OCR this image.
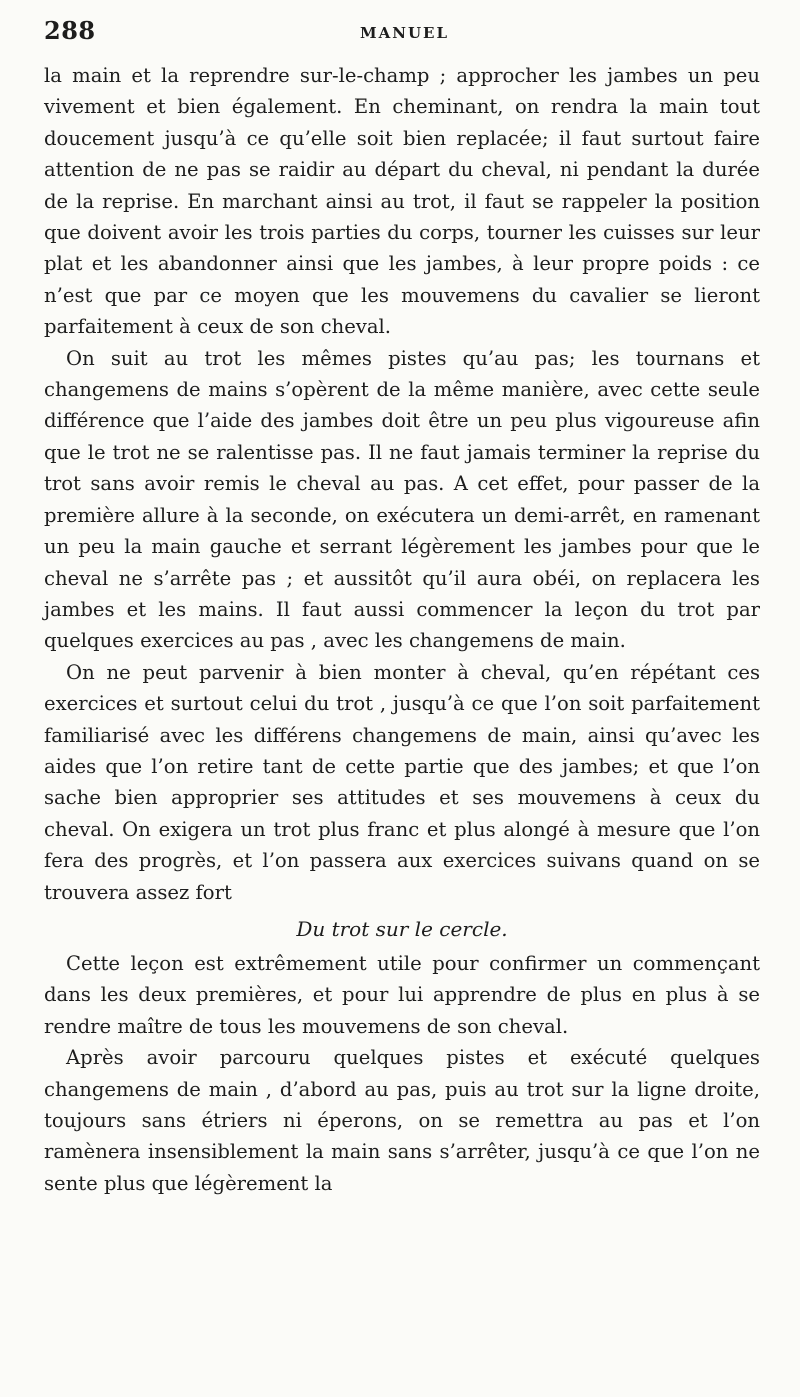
288	MANUEL

la main et la reprendre sur-le-champ ; approcher les jambes un peu vivement et bien également. En cheminant, on rendra la main tout doucement jusqu’à ce qu’elle soit bien replacée; il faut surtout faire attention de ne pas se raidir au départ du cheval, ni pendant la durée de la reprise. En marchant ainsi au trot, il faut se rappeler la position que doivent avoir les trois parties du corps, tourner les cuisses sur leur plat et les abandonner ainsi que les jambes, à leur propre poids : ce n’est que par ce moyen que les mouvemens du cavalier se lieront parfaitement à ceux de son cheval.

On suit au trot les mêmes pistes qu’au pas; les tournans et changemens de mains s’opèrent de la même manière, avec cette seule différence que l’aide des jambes doit être un peu plus vigoureuse afin que le trot ne se ralentisse pas. Il ne faut jamais terminer la reprise du trot sans avoir remis le cheval au pas. A cet effet, pour passer de la première allure à la seconde, on exécutera un demi-arrêt, en ramenant un peu la main gauche et serrant légèrement les jambes pour que le cheval ne s’arrête pas ; et aussitôt qu’il aura obéi, on replacera les jambes et les mains. Il faut aussi commencer la leçon du trot par quelques exercices au pas , avec les changemens de main.

On ne peut parvenir à bien monter à cheval, qu’en répétant ces exercices et surtout celui du trot , jusqu’à ce que l’on soit parfaitement familiarisé avec les différens changemens de main, ainsi qu’avec les aides que l’on retire tant de cette partie que des jambes; et que l’on sache bien approprier ses attitudes et ses mouvemens à ceux du cheval. On exigera un trot plus franc et plus alongé à mesure que l’on fera des progrès, et l’on passera aux exercices suivans quand on se trouvera assez fort

Du trot sur le cercle.

Cette leçon est extrêmement utile pour confirmer un commençant dans les deux premières, et pour lui apprendre de plus en plus à se rendre maître de tous les mouvemens de son cheval.

Après avoir parcouru quelques pistes et exécuté quelques changemens de main , d’abord au pas, puis au trot sur la ligne droite, toujours sans étriers ni éperons, on se remettra au pas et l’on ramènera insensiblement la main sans s’arrêter, jusqu’à ce que l’on ne sente plus que légèrement la
